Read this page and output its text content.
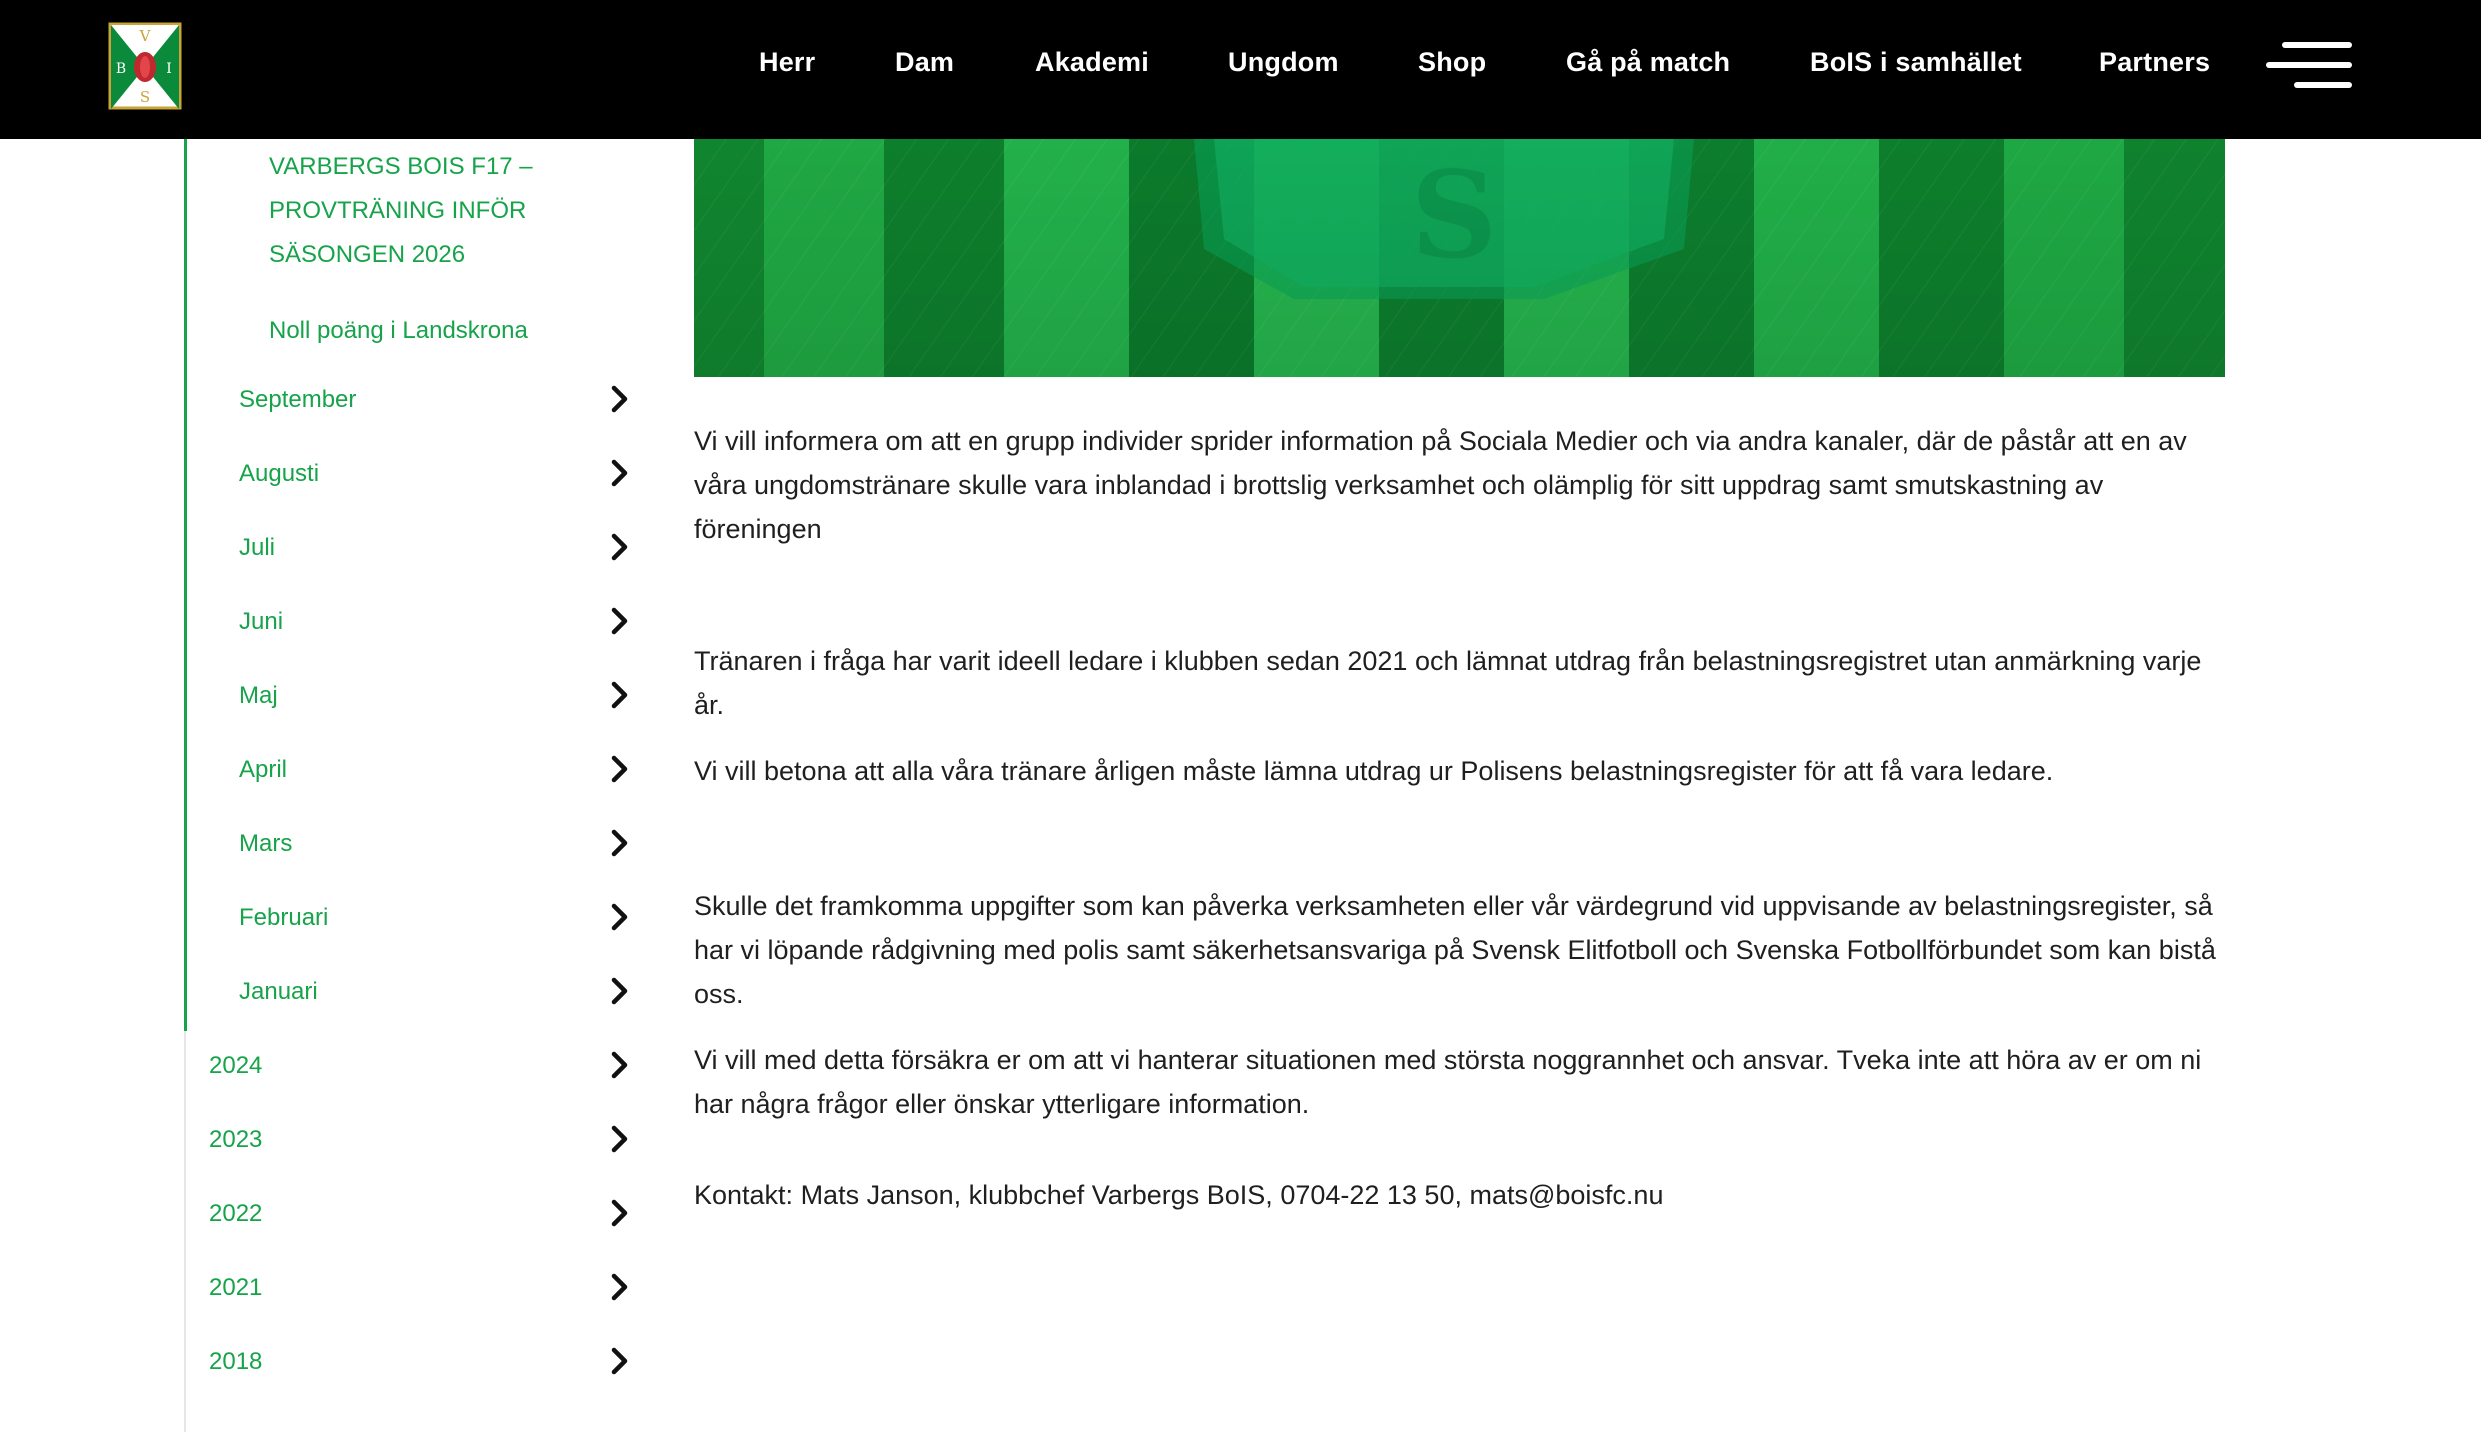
V
B	I
S
Herr	Dam	Akademi	Ungdom	Shop	Gå på match	BoIS i samhället	Partners
VARBERGS BOIS F17 – PROVTRÄNING INFÖR SÄSONGEN 2026
Noll poäng i Landskrona
September
Augusti
Juli
Juni
Maj
April
Mars
Februari
Januari
2024
2023
2022
2021
2018

Vi vill informera om att en grupp individer sprider information på Sociala Medier och via andra kanaler, där de påstår att en av våra ungdomstränare skulle vara inblandad i brottslig verksamhet och olämplig för sitt uppdrag samt smutskastning av föreningen

Tränaren i fråga har varit ideell ledare i klubben sedan 2021 och lämnat utdrag från belastningsregistret utan anmärkning varje år.

Vi vill betona att alla våra tränare årligen måste lämna utdrag ur Polisens belastningsregister för att få vara ledare.

Skulle det framkomma uppgifter som kan påverka verksamheten eller vår värdegrund vid uppvisande av belastningsregister, så har vi löpande rådgivning med polis samt säkerhetsansvariga på Svensk Elitfotboll och Svenska Fotbollförbundet som kan bistå oss.

Vi vill med detta försäkra er om att vi hanterar situationen med största noggrannhet och ansvar. Tveka inte att höra av er om ni har några frågor eller önskar ytterligare information.

Kontakt: Mats Janson, klubbchef Varbergs BoIS, 0704-22 13 50, mats@boisfc.nu
